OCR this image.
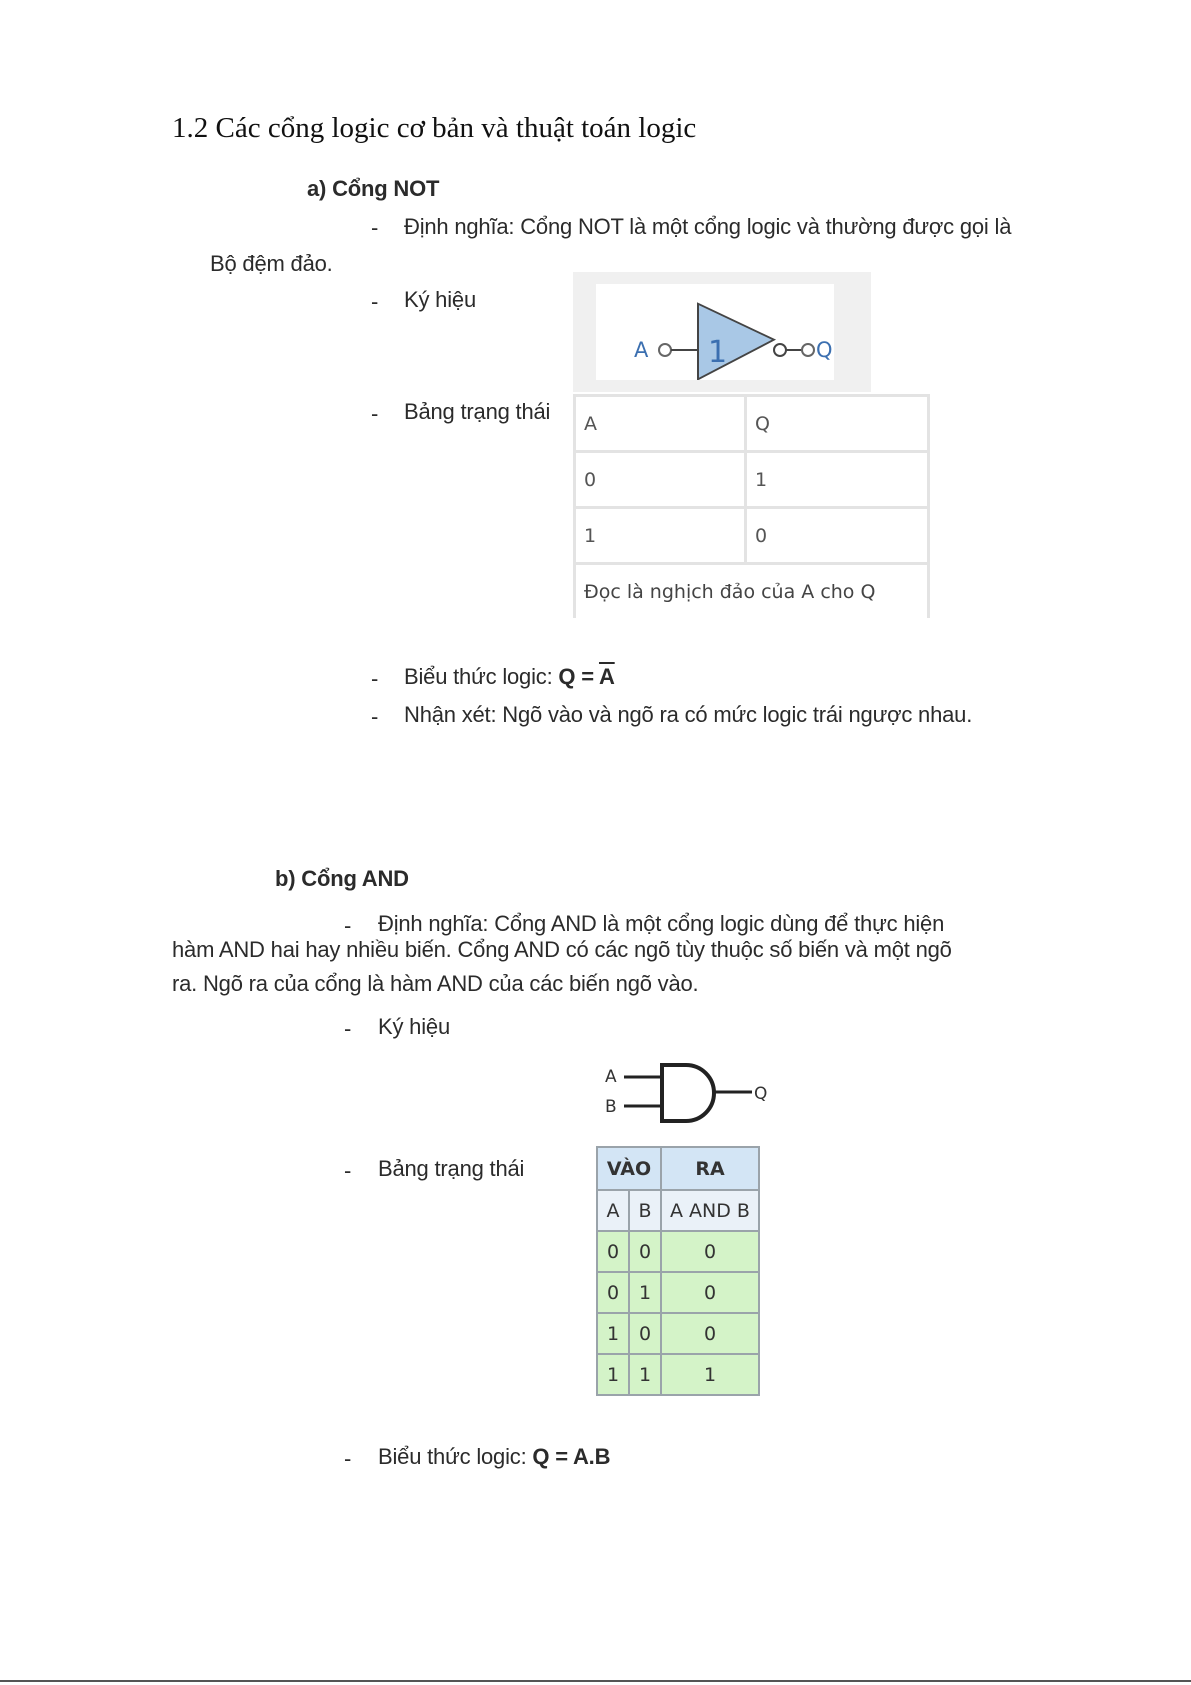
1.2 Các cổng logic cơ bản và thuật toán logic
a) Cổng NOT
- Định nghĩa: Cổng NOT là một cổng logic và thường được gọi là
Bộ đệm đảo.
- Ký hiệu
A 1	Q
- Bảng trạng thái A	Q
0	1
1	0
Đọc là nghịch đảo của A cho Q	
- Biểu thức logic: $Q = \overline{A}$
- Nhận xét: Ngõ vào và ngõ ra có mức logic trái ngược nhau.
b) Cổng AND
- Định nghĩa: Cổng AND là một cổng logic dùng để thực hiện
hàm AND hai hay nhiều biến. Cổng AND có các ngõ tùy thuộc số biến và một ngõ
ra. Ngõ ra của cổng là hàm AND của các biến ngõ vào.
- Ký hiệu
A
B
Q
- Bảng trạng thái	VÀO		RA
A	B	A AND B
0	0	0
0	1	0
1	0	0
1	1	1
- Biểu thức logic: Q = A.B
